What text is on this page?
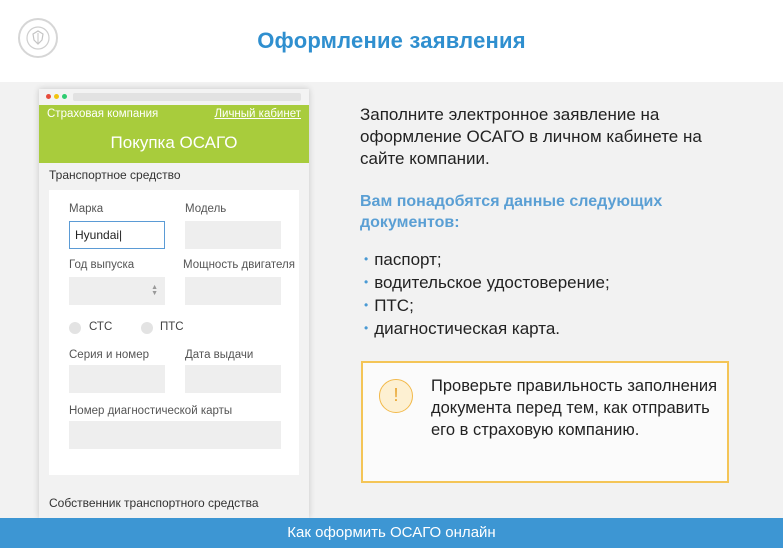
Оформление заявления
Страховая компания	Личный кабинет
Покупка ОСАГО
Транспортное средство
Марка
Hyundai|
Модель
Год выпуска
▲
▼
Мощность двигателя
СТС	ПТС
Серия и номер	Дата выдачи
Номер диагностической карты
Собственник транспортного средства
Заполните электронное заявление на оформление ОСАГО в личном кабинете на сайте компании.
Вам понадобятся данные следующих документов:
• паспорт;
• водительское удостоверение;
• ПТС;
• диагностическая карта.
!	Проверьте правильность заполнения документа перед тем, как отправить его в страховую компанию.
Как оформить ОСАГО онлайн
